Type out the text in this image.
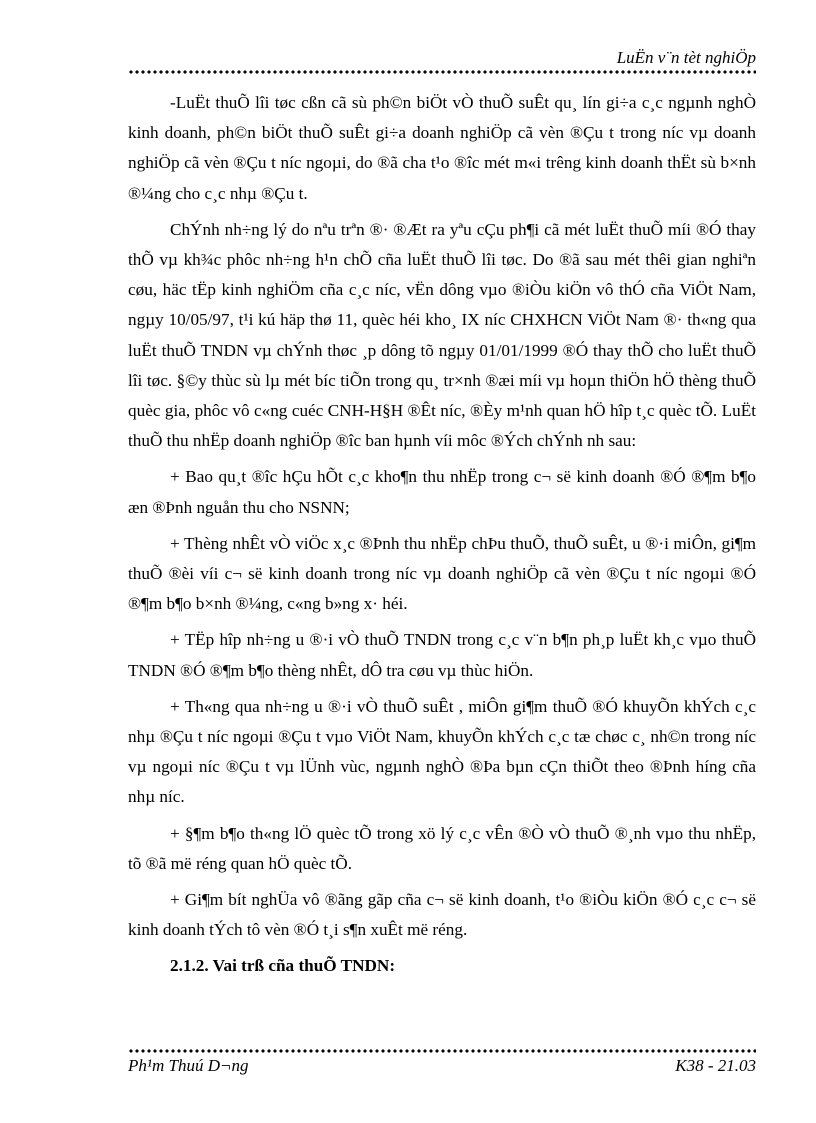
LuËn v¨n tèt nghiÖp

-LuËt thuÕ lîi tøc cßn cã sù ph©n biÖt vÒ thuÕ suÊt qu¸ lín gi÷a c¸c ngµnh nghÒ kinh doanh, ph©n biÖt thuÕ suÊt gi÷a doanh nghiÖp cã vèn ®Çu t trong níc vµ doanh nghiÖp cã vèn ®Çu t níc ngoµi, do ®ã cha t¹o ®îc mét m«i trêng kinh doanh thËt sù b×nh ®¼ng cho c¸c nhµ ®Çu t.

ChÝnh nh÷ng lý do nªu trªn ®· ®Æt ra yªu cÇu ph¶i cã mét luËt thuÕ míi ®Ó thay thÕ vµ kh¾c phôc nh÷ng h¹n chÕ cña luËt thuÕ lîi tøc. Do ®ã sau mét thêi gian nghiªn cøu, häc tËp kinh nghiÖm cña c¸c níc, vËn dông vµo ®iÒu kiÖn vô thÓ cña ViÖt Nam, ngµy 10/05/97, t¹i kú häp thø 11, quèc héi kho¸ IX níc CHXHCN ViÖt Nam ®· th«ng qua luËt thuÕ TNDN vµ chÝnh thøc ¸p dông tõ ngµy 01/01/1999 ®Ó thay thÕ cho luËt thuÕ lîi tøc. §©y thùc sù lµ mét bíc tiÕn trong qu¸ tr×nh ®æi míi vµ hoµn thiÖn hÖ thèng thuÕ quèc gia, phôc vô c«ng cuéc CNH-H§H ®Êt níc, ®Èy m¹nh quan hÖ hîp t¸c quèc tÕ. LuËt thuÕ thu nhËp doanh nghiÖp ®îc ban hµnh víi môc ®Ých chÝnh nh sau:

+ Bao qu¸t ®îc hÇu hÕt c¸c kho¶n thu nhËp trong c¬ së kinh doanh ®Ó ®¶m b¶o æn ®Þnh nguån thu cho NSNN;

+ Thèng nhÊt vÒ viÖc x¸c ®Þnh thu nhËp chÞu thuÕ, thuÕ suÊt, u ®·i miÔn, gi¶m thuÕ ®èi víi c¬ së kinh doanh trong níc vµ doanh nghiÖp cã vèn ®Çu t níc ngoµi ®Ó ®¶m b¶o b×nh ®¼ng, c«ng b»ng x· héi.

+ TËp hîp nh÷ng u ®·i vÒ thuÕ TNDN trong c¸c v¨n b¶n ph¸p luËt kh¸c vµo thuÕ TNDN ®Ó ®¶m b¶o thèng nhÊt, dÔ tra cøu vµ thùc hiÖn.

+ Th«ng qua nh÷ng u ®·i vÒ thuÕ suÊt , miÔn gi¶m thuÕ ®Ó khuyÕn khÝch c¸c nhµ ®Çu t níc ngoµi ®Çu t vµo ViÖt Nam, khuyÕn khÝch c¸c tæ chøc c¸ nh©n trong níc vµ ngoµi níc ®Çu t vµ lÜnh vùc, ngµnh nghÒ ®Þa bµn cÇn thiÕt theo ®Þnh híng cña nhµ níc.

+ §¶m b¶o th«ng lÖ quèc tÕ trong xö lý c¸c vÊn ®Ò vÒ thuÕ ®¸nh vµo thu nhËp, tõ ®ã më réng quan hÖ quèc tÕ.

+ Gi¶m bít nghÜa vô ®ãng gãp cña c¬ së kinh doanh, t¹o ®iÒu kiÖn ®Ó c¸c c¬ së kinh doanh tÝch tô vèn ®Ó t¸i s¶n xuÊt më réng.

2.1.2. Vai trß cña thuÕ TNDN:
Ph¹m Thuú D¬ng	K38 - 21.03
